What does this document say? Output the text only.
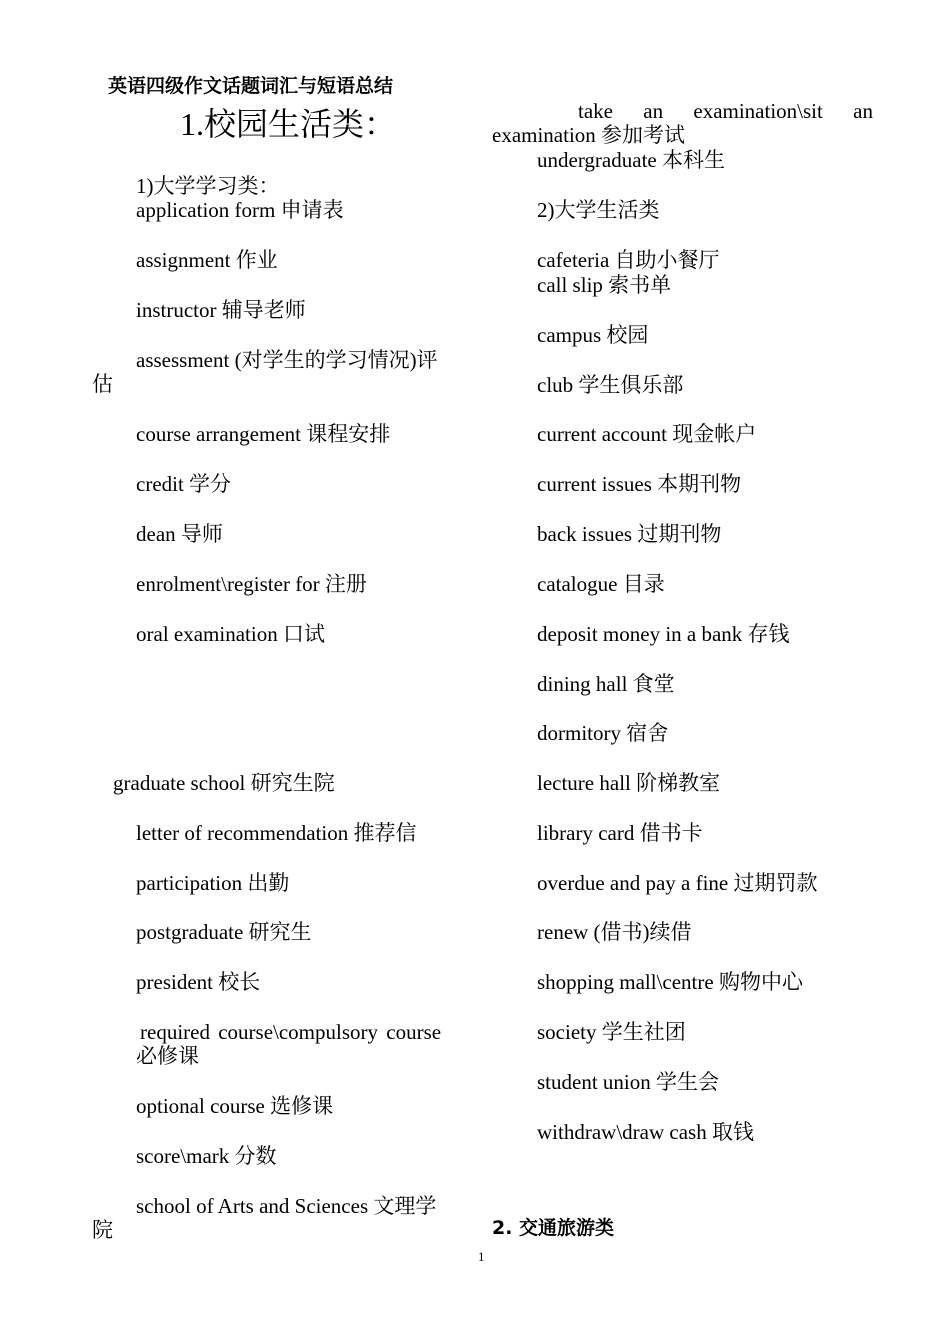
英语四级作文话题词汇与短语总结
1.校园生活类：
1)大学学习类：
application form 申请表
assignment 作业
instructor 辅导老师
assessment (对学生的学习情况)评
估
course arrangement 课程安排
credit 学分
dean 导师
enrolment\register for 注册
oral examination 口试
graduate school 研究生院
letter of recommendation 推荐信
participation 出勤
postgraduate 研究生
president 校长
required course\compulsory course
必修课
optional course 选修课
score\mark 分数
school of Arts and Sciences 文理学
院
take an examination\sit an
examination 参加考试
undergraduate 本科生
2)大学生活类
cafeteria 自助小餐厅
call slip 索书单
campus 校园
club 学生俱乐部
current account 现金帐户
current issues 本期刊物
back issues 过期刊物
catalogue 目录
deposit money in a bank 存钱
dining hall 食堂
dormitory 宿舍
lecture hall 阶梯教室
library card 借书卡
overdue and pay a fine 过期罚款
renew (借书)续借
shopping mall\centre 购物中心
society 学生社团
student union 学生会
withdraw\draw cash 取钱
2. 交通旅游类
1
